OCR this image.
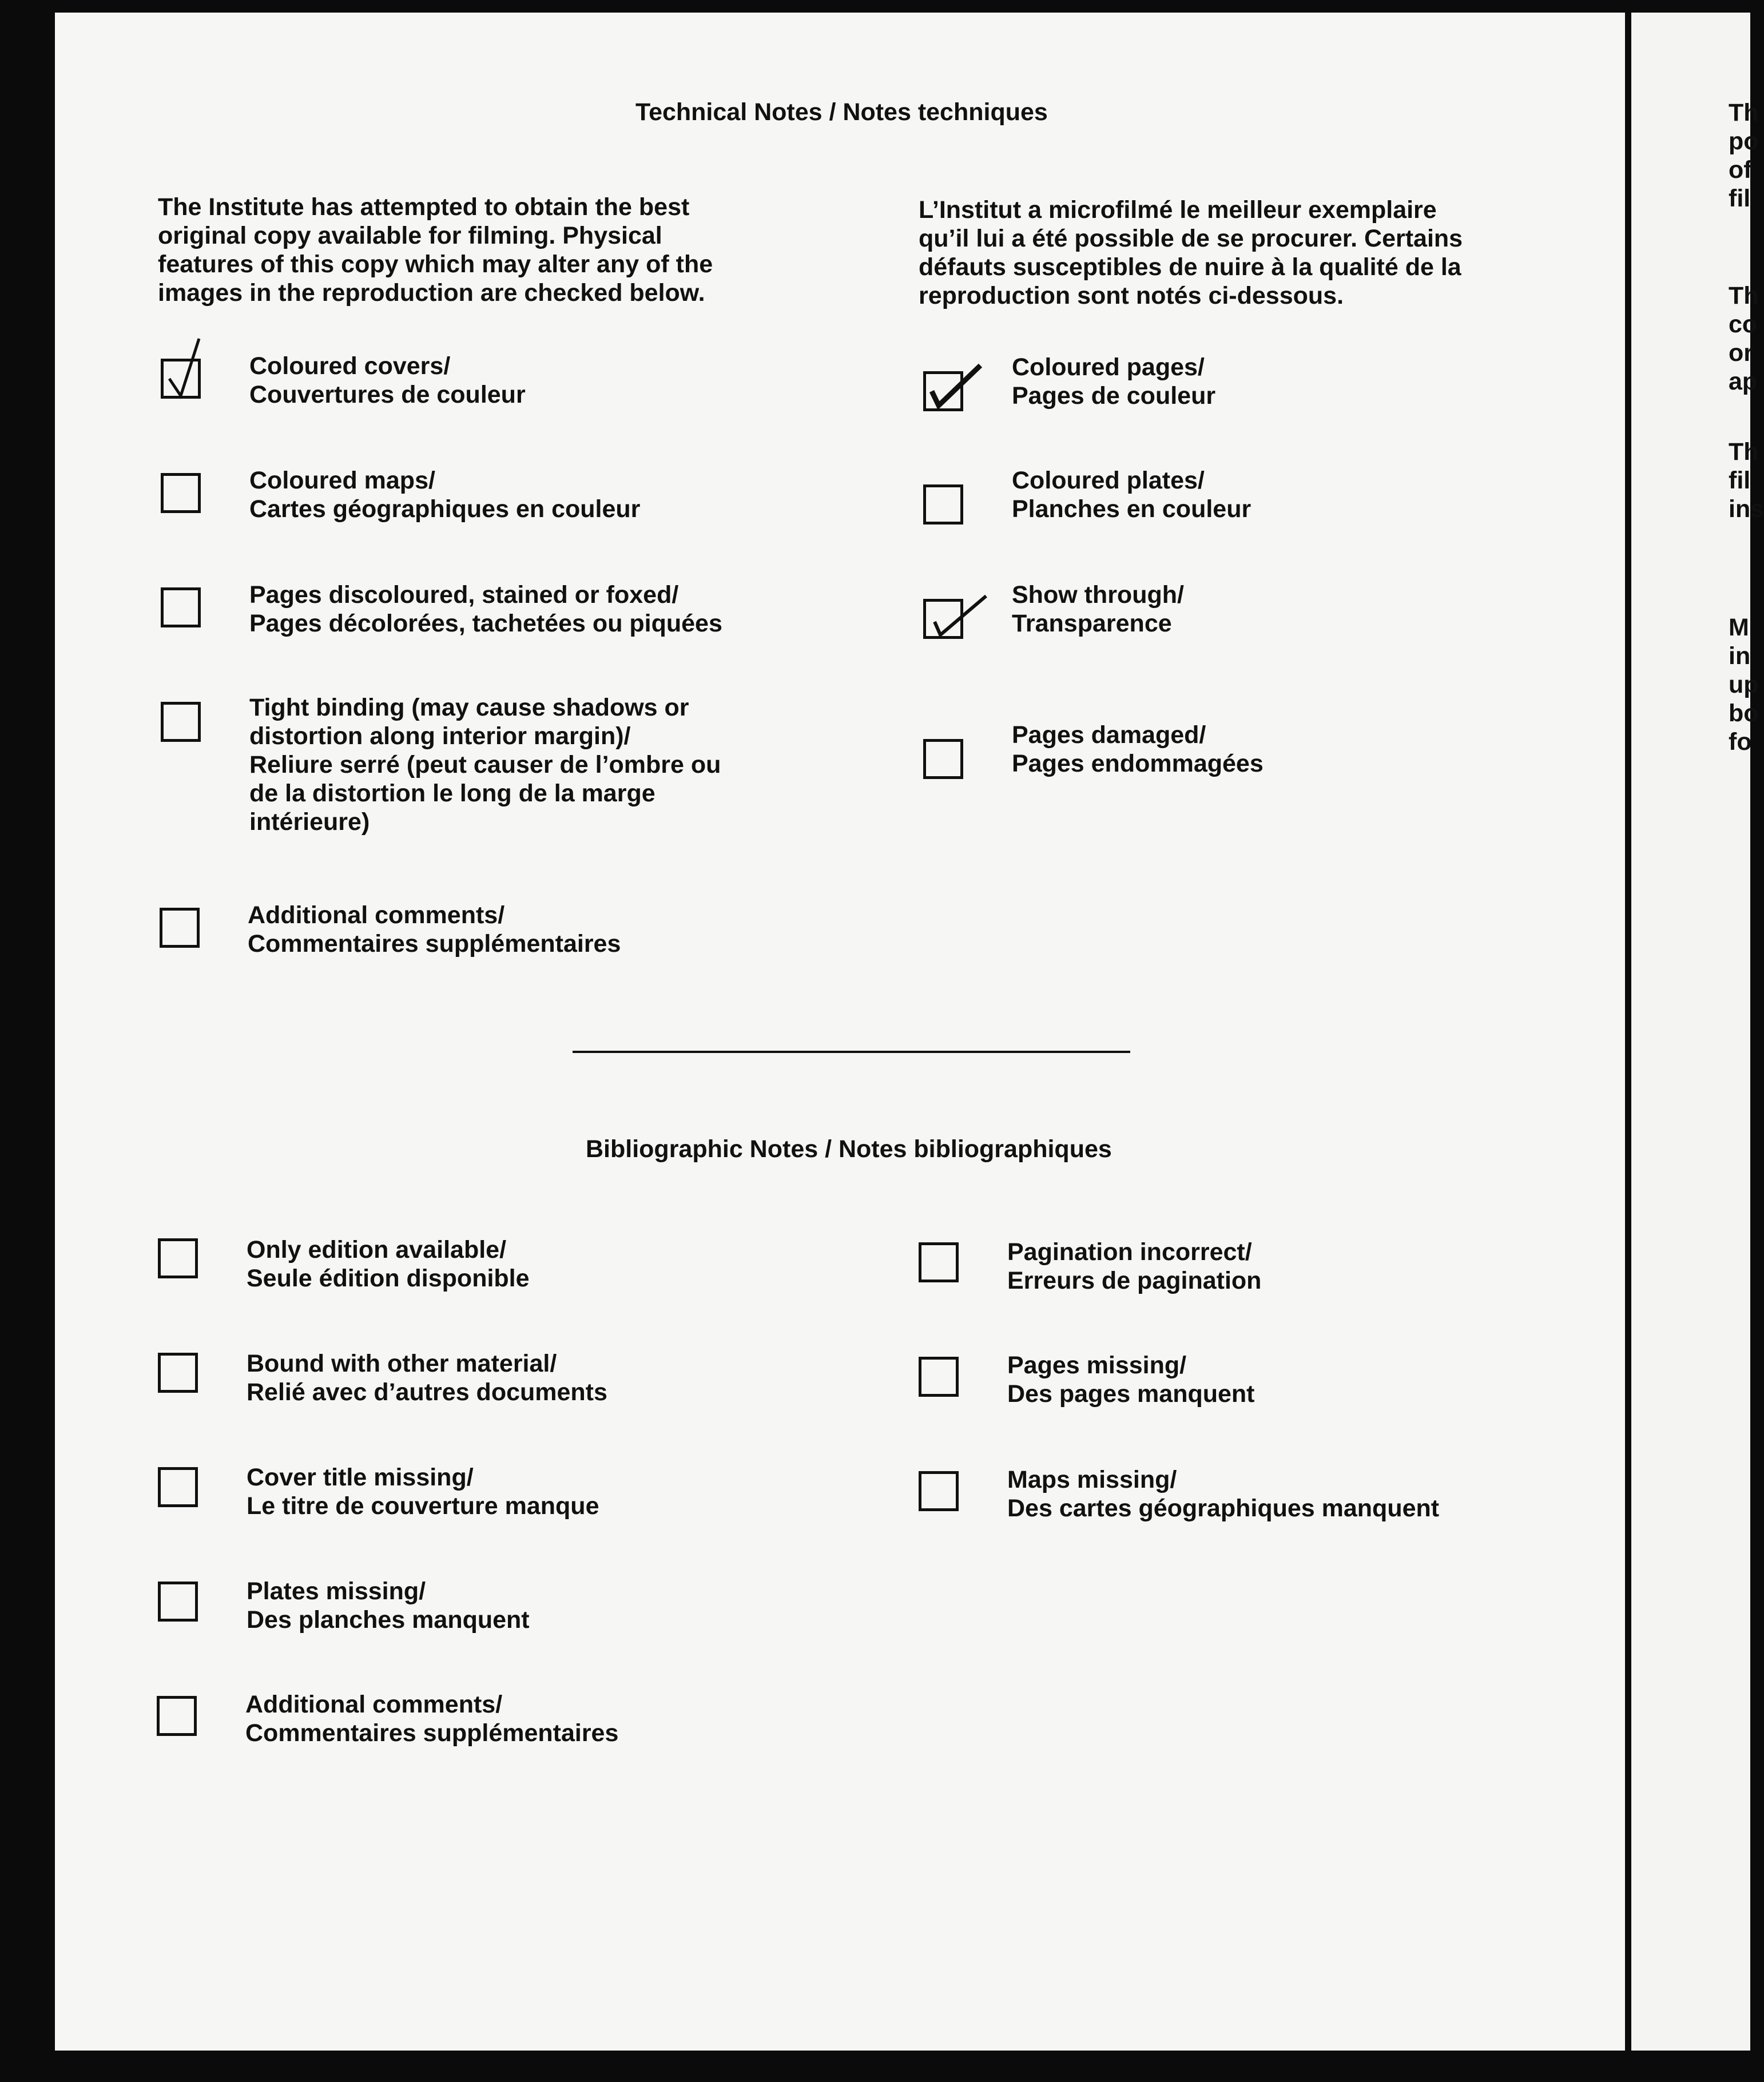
Technical Notes / Notes techniques
The Institute has attempted to obtain the best
original copy available for filming. Physical
features of this copy which may alter any of the
images in the reproduction are checked below.
L’Institut a microfilmé le meilleur exemplaire
qu’il lui a été possible de se procurer. Certains
défauts susceptibles de nuire à la qualité de la
reproduction sont notés ci-dessous.
Coloured covers/
Couvertures de couleur
Coloured maps/
Cartes géographiques en couleur
Pages discoloured, stained or foxed/
Pages décolorées, tachetées ou piquées
Tight binding (may cause shadows or
distortion along interior margin)/
Reliure serré (peut causer de l’ombre ou
de la distortion le long de la marge
intérieure)
Additional comments/
Commentaires supplémentaires
Coloured pages/
Pages de couleur
Coloured plates/
Planches en couleur
Show through/
Transparence
Pages damaged/
Pages endommagées
Bibliographic Notes / Notes bibliographiques
Only edition available/
Seule édition disponible
Bound with other material/
Relié avec d’autres documents
Cover title missing/
Le titre de couverture manque
Plates missing/
Des planches manquent
Additional comments/
Commentaires supplémentaires
Pagination incorrect/
Erreurs de pagination
Pages missing/
Des pages manquent
Maps missing/
Des cartes géographiques manquent
Th
po
of
fil
Th
co
or
ap
Th
fil
ins
M
in
up
bo
fo
